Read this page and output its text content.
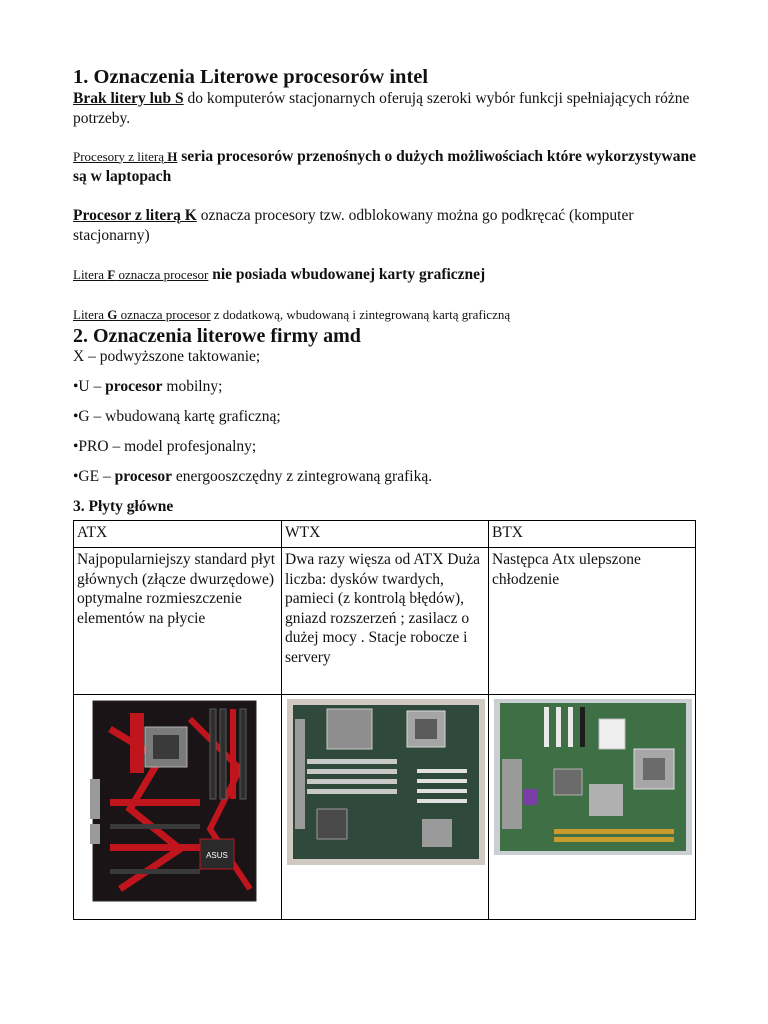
1. Oznaczenia Literowe procesorów intel

Brak litery lub S do komputerów stacjonarnych oferują szeroki wybór funkcji spełniających różne potrzeby.

Procesory z literą H seria procesorów przenośnych o dużych możliwościach które wykorzystywane są w laptopach

Procesor z literą K oznacza procesory tzw. odblokowany można go podkręcać (komputer stacjonarny)

Litera F oznacza procesor nie posiada wbudowanej karty graficznej

Litera G oznacza procesor z dodatkową, wbudowaną i zintegrowaną kartą graficzną

2. Oznaczenia literowe firmy amd

X – podwyższone taktowanie;

•U – procesor mobilny;

•G – wbudowaną kartę graficzną;

•PRO – model profesjonalny;

•GE – procesor energooszczędny z zintegrowaną grafiką.

3. Płyty główne

ATX	WTX	BTX
Najpopularniejszy standard płyt głównych (złącze dwurzędowe) optymalne rozmieszczenie elementów na płycie	Dwa razy więsza od ATX Duża liczba: dysków twardych, pamieci (z kontrolą błędów), gniazd rozszerzeń ; zasilacz o dużej mocy . Stacje robocze i servery	Następca Atx ulepszone chłodzenie

ASUS
